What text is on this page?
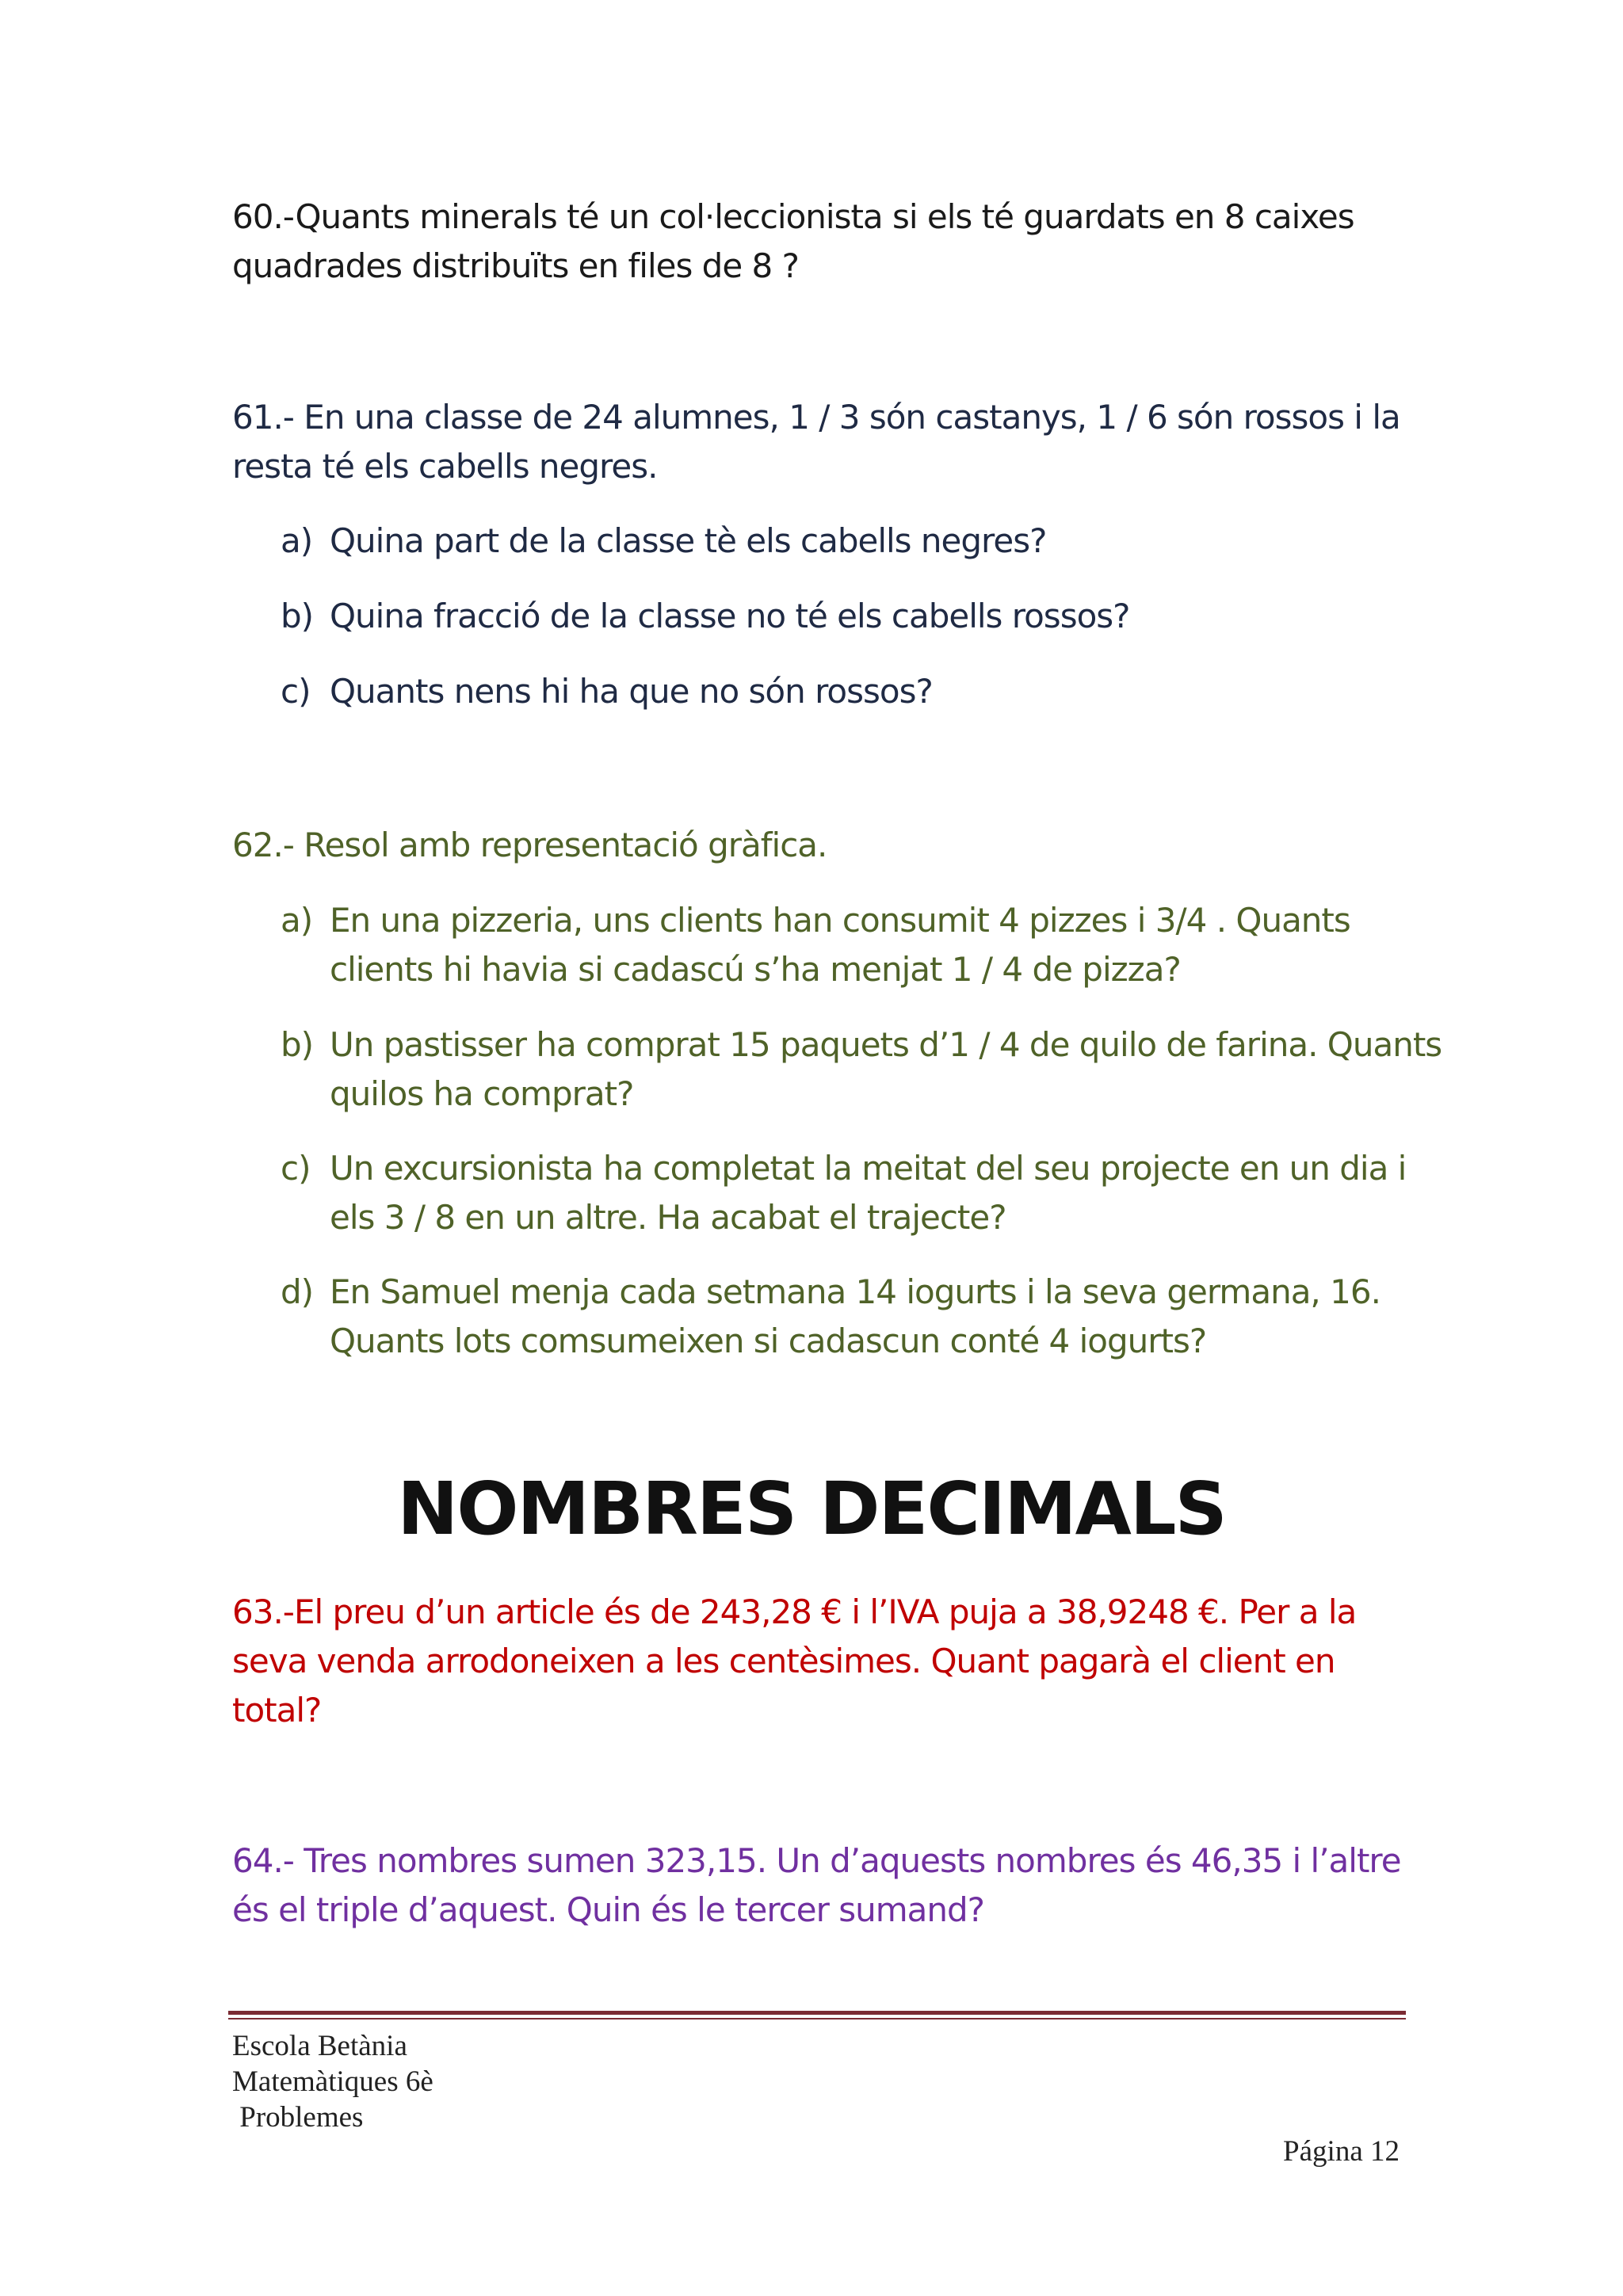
60.-Quants minerals té un col·leccionista si els té guardats en 8 caixes quadrades distribuïts en files de 8 ?

61.- En una classe de 24 alumnes, 1 / 3 són castanys, 1 / 6 són rossos i la resta té els cabells negres.

a) Quina part de la classe tè els cabells negres?

b) Quina fracció de la classe no té els cabells rossos?

c) Quants nens hi ha que no són rossos?

62.- Resol amb representació gràfica.

a) En una pizzeria, uns clients han consumit 4 pizzes i 3/4 . Quants clients hi havia si cadascú s’ha menjat 1 / 4 de pizza?

b) Un pastisser ha comprat 15 paquets d’1 / 4 de quilo de farina. Quants quilos ha comprat?

c) Un excursionista ha completat la meitat del seu projecte en un dia i els 3 / 8 en un altre. Ha acabat el trajecte?

d) En Samuel menja cada setmana 14 iogurts i la seva germana, 16. Quants lots comsumeixen si cadascun conté 4 iogurts?

NOMBRES DECIMALS

63.-El preu d’un article és de 243,28 € i l’IVA puja a 38,9248 €. Per a la seva venda arrodoneixen a les centèsimes. Quant pagarà el client en total?

64.- Tres nombres sumen 323,15. Un d’aquests nombres és 46,35 i l’altre és el triple d’aquest. Quin és le tercer sumand?

Escola Betània
Matemàtiques 6è
Problemes
Página 12
